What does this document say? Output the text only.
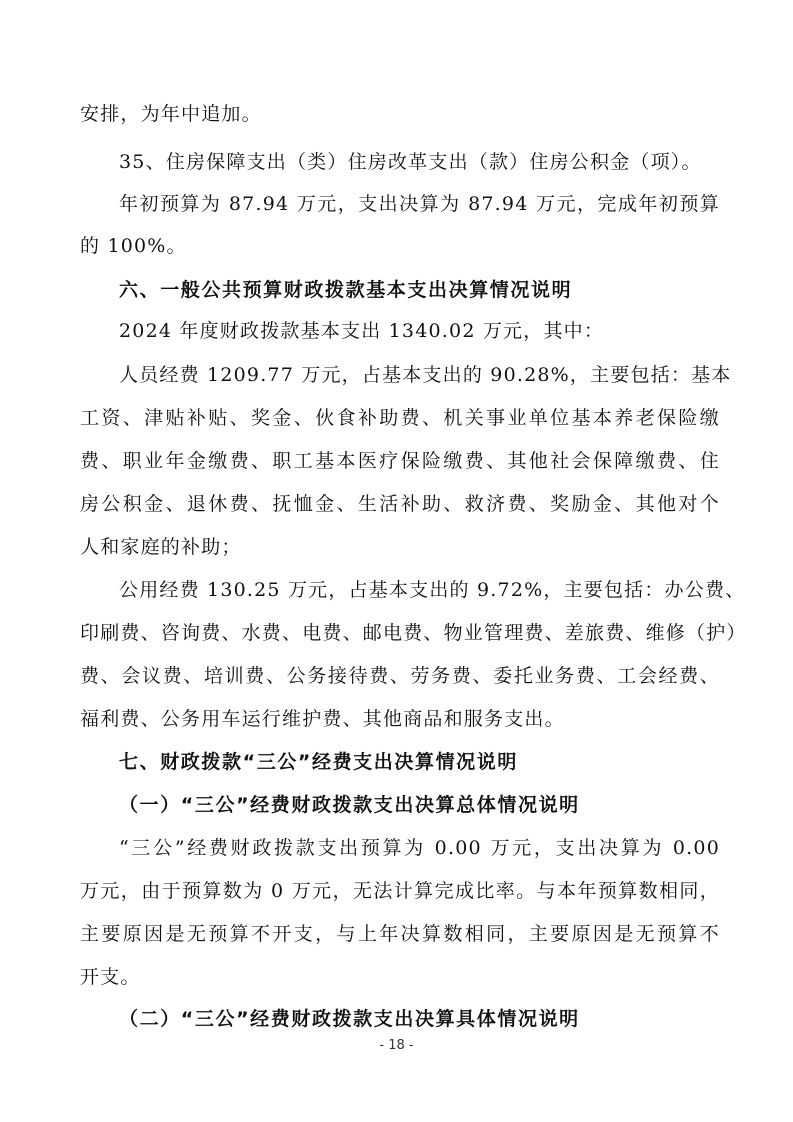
安排，为年中追加。
35、住房保障支出（类）住房改革支出（款）住房公积金（项）。
年初预算为 87.94 万元，支出决算为 87.94 万元，完成年初预算
的 100%。
六、一般公共预算财政拨款基本支出决算情况说明
2024 年度财政拨款基本支出 1340.02 万元，其中：
人员经费 1209.77 万元，占基本支出的 90.28%，主要包括：基本
工资、津贴补贴、奖金、伙食补助费、机关事业单位基本养老保险缴
费、职业年金缴费、职工基本医疗保险缴费、其他社会保障缴费、住
房公积金、退休费、抚恤金、生活补助、救济费、奖励金、其他对个
人和家庭的补助；
公用经费 130.25 万元，占基本支出的 9.72%，主要包括：办公费、
印刷费、咨询费、水费、电费、邮电费、物业管理费、差旅费、维修（护）
费、会议费、培训费、公务接待费、劳务费、委托业务费、工会经费、
福利费、公务用车运行维护费、其他商品和服务支出。
七、财政拨款“三公”经费支出决算情况说明
（一）“三公”经费财政拨款支出决算总体情况说明
“三公”经费财政拨款支出预算为 0.00 万元，支出决算为 0.00
万元，由于预算数为 0 万元，无法计算完成比率。与本年预算数相同，
主要原因是无预算不开支，与上年决算数相同，主要原因是无预算不
开支。
（二）“三公”经费财政拨款支出决算具体情况说明
- 18 -
